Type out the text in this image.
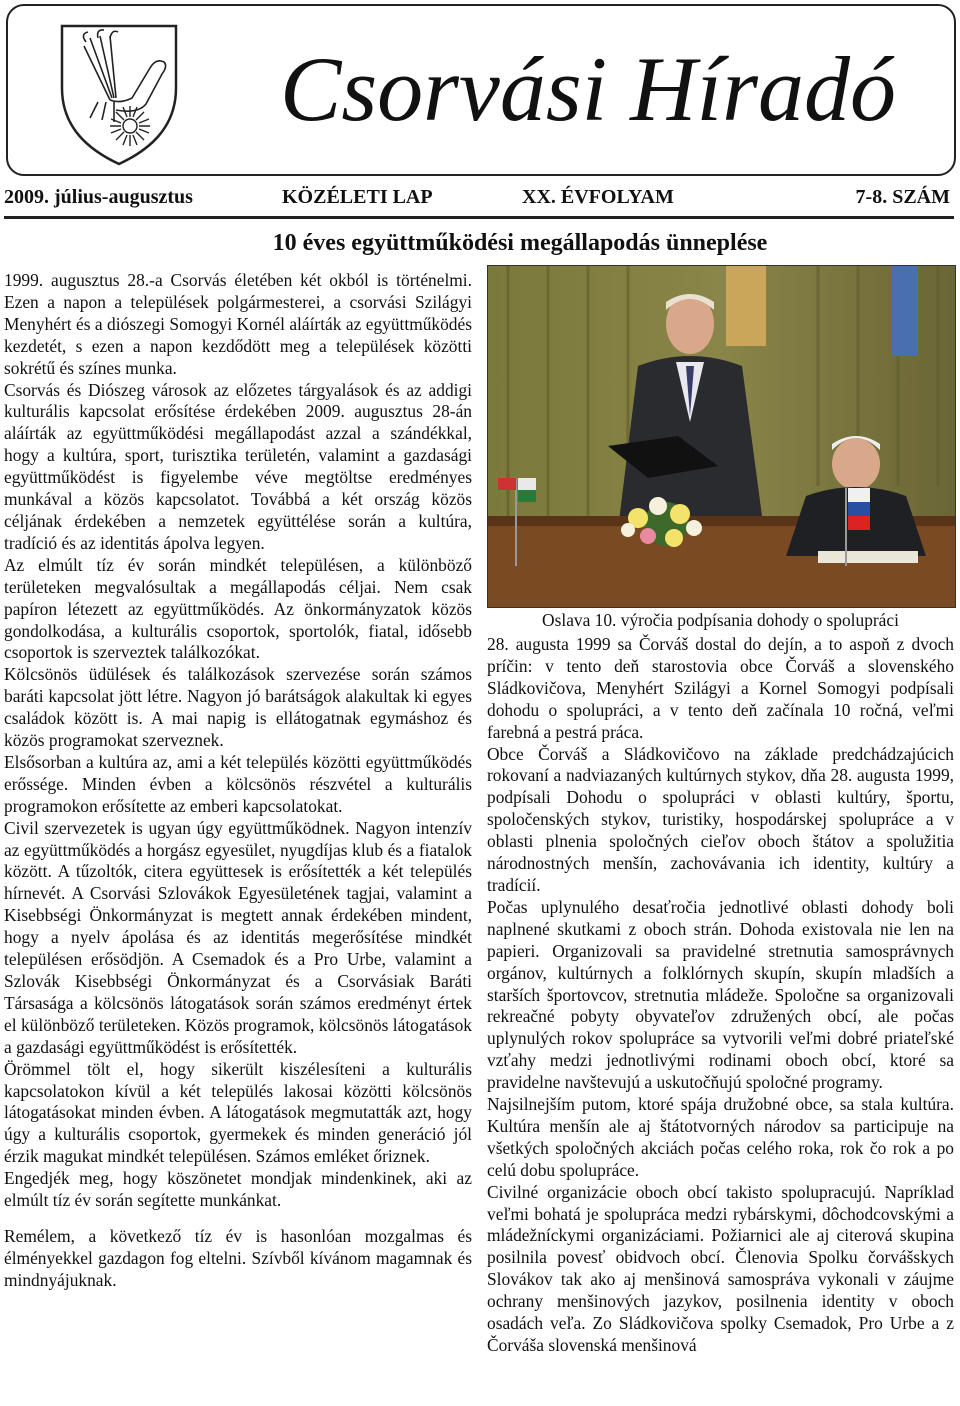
Csorvási Híradó
2009. július-augusztus	KÖZÉLETI LAP	XX. ÉVFOLYAM	7-8. SZÁM
10 éves együttműködési megállapodás ünneplése

1999. augusztus 28.-a Csorvás életében két okból is történelmi. Ezen a napon a települések polgármesterei, a csorvási Szilágyi Menyhért és a diószegi Somogyi Kornél aláírták az együttműködés kezdetét, s ezen a napon kezdődött meg a települések közötti sokrétű és színes munka.

Csorvás és Diószeg városok az előzetes tárgyalások és az addigi kulturális kapcsolat erősítése érdekében 2009. augusztus 28-án aláírták az együttműködési megállapodást azzal a szándékkal, hogy a kultúra, sport, turisztika területén, valamint a gazdasági együttműködést is figyelembe véve megtöltse eredményes munkával a közös kapcsolatot. Továbbá a két ország közös céljának érdekében a nemzetek együttélése során a kultúra, tradíció és az identitás ápolva legyen.

Az elmúlt tíz év során mindkét településen, a különböző területeken megvalósultak a megállapodás céljai. Nem csak papíron létezett az együttműködés. Az önkormányzatok közös gondolkodása, a kulturális csoportok, sportolók, fiatal, idősebb csoportok is szerveztek találkozókat.

Kölcsönös üdülések és találkozások szervezése során számos baráti kapcsolat jött létre. Nagyon jó barátságok alakultak ki egyes családok között is. A mai napig is ellátogatnak egymáshoz és közös programokat szerveznek.

Elsősorban a kultúra az, ami a két település közötti együttműködés erőssége. Minden évben a kölcsönös részvétel a kulturális programokon erősítette az emberi kapcsolatokat.

Civil szervezetek is ugyan úgy együttműködnek. Nagyon intenzív az együttműködés a horgász egyesület, nyugdíjas klub és a fiatalok között. A tűzoltók, citera együttesek is erősítették a két település hírnevét. A Csorvási Szlovákok Egyesületének tagjai, valamint a Kisebbségi Önkormányzat is megtett annak érdekében mindent, hogy a nyelv ápolása és az identitás megerősítése mindkét településen erősödjön. A Csemadok és a Pro Urbe, valamint a Szlovák Kisebbségi Önkormányzat és a Csorvásiak Baráti Társasága a kölcsönös látogatások során számos eredményt értek el különböző területeken. Közös programok, kölcsönös látogatások a gazdasági együttműködést is erősítették.

Örömmel tölt el, hogy sikerült kiszélesíteni a kulturális kapcsolatokon kívül a két település lakosai közötti kölcsönös látogatásokat minden évben. A látogatások megmutatták azt, hogy úgy a kulturális csoportok, gyermekek és minden generáció jól érzik magukat mindkét településen. Számos emléket őriznek.

Engedjék meg, hogy köszönetet mondjak mindenkinek, aki az elmúlt tíz év során segítette munkánkat.

Remélem, a következő tíz év is hasonlóan mozgalmas és élményekkel gazdagon fog eltelni. Szívből kívánom magamnak és mindnyájuknak.

Oslava 10. výročia podpísania dohody o spolupráci

28. augusta 1999 sa Čorváš dostal do dejín, a to aspoň z dvoch príčin: v tento deň starostovia obce Čorváš a slovenského Sládkovičova, Menyhért Szilágyi a Kornel Somogyi podpísali dohodu o spolupráci, a v tento deň začínala 10 ročná, veľmi farebná a pestrá práca.

Obce Čorváš a Sládkovičovo na základe predchádzajúcich rokovaní a nadviazaných kultúrnych stykov, dňa 28. augusta 1999, podpísali Dohodu o spolupráci v oblasti kultúry, športu, spoločenských stykov, turistiky, hospodárskej spolupráce a v oblasti plnenia spoločných cieľov oboch štátov a spolužitia národnostných menšín, zachovávania ich identity, kultúry a tradícií.

Počas uplynulého desaťročia jednotlivé oblasti dohody boli naplnené skutkami z oboch strán. Dohoda existovala nie len na papieri. Organizovali sa pravidelné stretnutia samosprávnych orgánov, kultúrnych a folklórnych skupín, skupín mladších a starších športovcov, stretnutia mládeže. Spoločne sa organizovali rekreačné pobyty obyvateľov združených obcí, ale počas uplynulých rokov spolupráce sa vytvorili veľmi dobré priateľské vzťahy medzi jednotlivými rodinami oboch obcí, ktoré sa pravidelne navštevujú a uskutočňujú spoločné programy.

Najsilnejším putom, ktoré spája družobné obce, sa stala kultúra. Kultúra menšín ale aj štátotvorných národov sa participuje na všetkých spoločných akciách počas celého roka, rok čo rok a po celú dobu spolupráce.

Civilné organizácie oboch obcí takisto spolupracujú. Napríklad veľmi bohatá je spolupráca medzi rybárskymi, dôchodcovskými a mládežníckymi organizáciami. Požiarnici ale aj citerová skupina posilnila povesť obidvoch obcí. Členovia Spolku čorvášskych Slovákov tak ako aj menšinová samospráva vykonali v záujme ochrany menšinových jazykov, posilnenia identity v oboch osadách veľa. Zo Sládkovičova spolky Csemadok, Pro Urbe a z Čorváša slovenská menšinová
